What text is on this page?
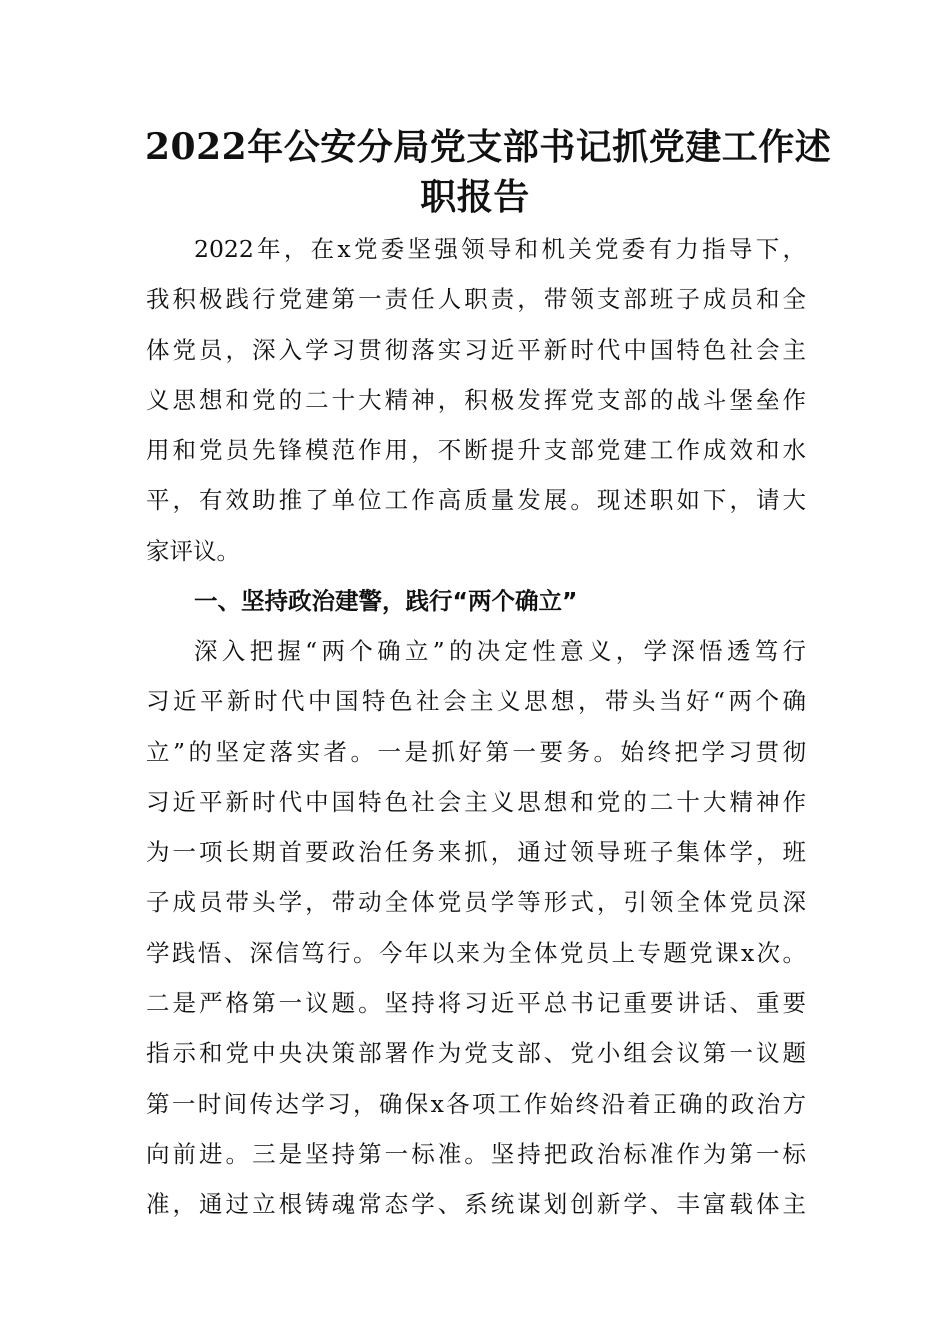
2022年公安分局党支部书记抓党建工作述
职报告
2022年，在x党委坚强领导和机关党委有力指导下，
我积极践行党建第一责任人职责，带领支部班子成员和全
体党员，深入学习贯彻落实习近平新时代中国特色社会主
义思想和党的二十大精神，积极发挥党支部的战斗堡垒作
用和党员先锋模范作用，不断提升支部党建工作成效和水
平，有效助推了单位工作高质量发展。现述职如下，请大
家评议。
一、坚持政治建警，践行“两个确立”
深入把握“两个确立”的决定性意义，学深悟透笃行
习近平新时代中国特色社会主义思想，带头当好“两个确
立”的坚定落实者。一是抓好第一要务。始终把学习贯彻
习近平新时代中国特色社会主义思想和党的二十大精神作
为一项长期首要政治任务来抓，通过领导班子集体学，班
子成员带头学，带动全体党员学等形式，引领全体党员深
学践悟、深信笃行。今年以来为全体党员上专题党课x次。
二是严格第一议题。坚持将习近平总书记重要讲话、重要
指示和党中央决策部署作为党支部、党小组会议第一议题
第一时间传达学习，确保x各项工作始终沿着正确的政治方
向前进。三是坚持第一标准。坚持把政治标准作为第一标
准，通过立根铸魂常态学、系统谋划创新学、丰富载体主
